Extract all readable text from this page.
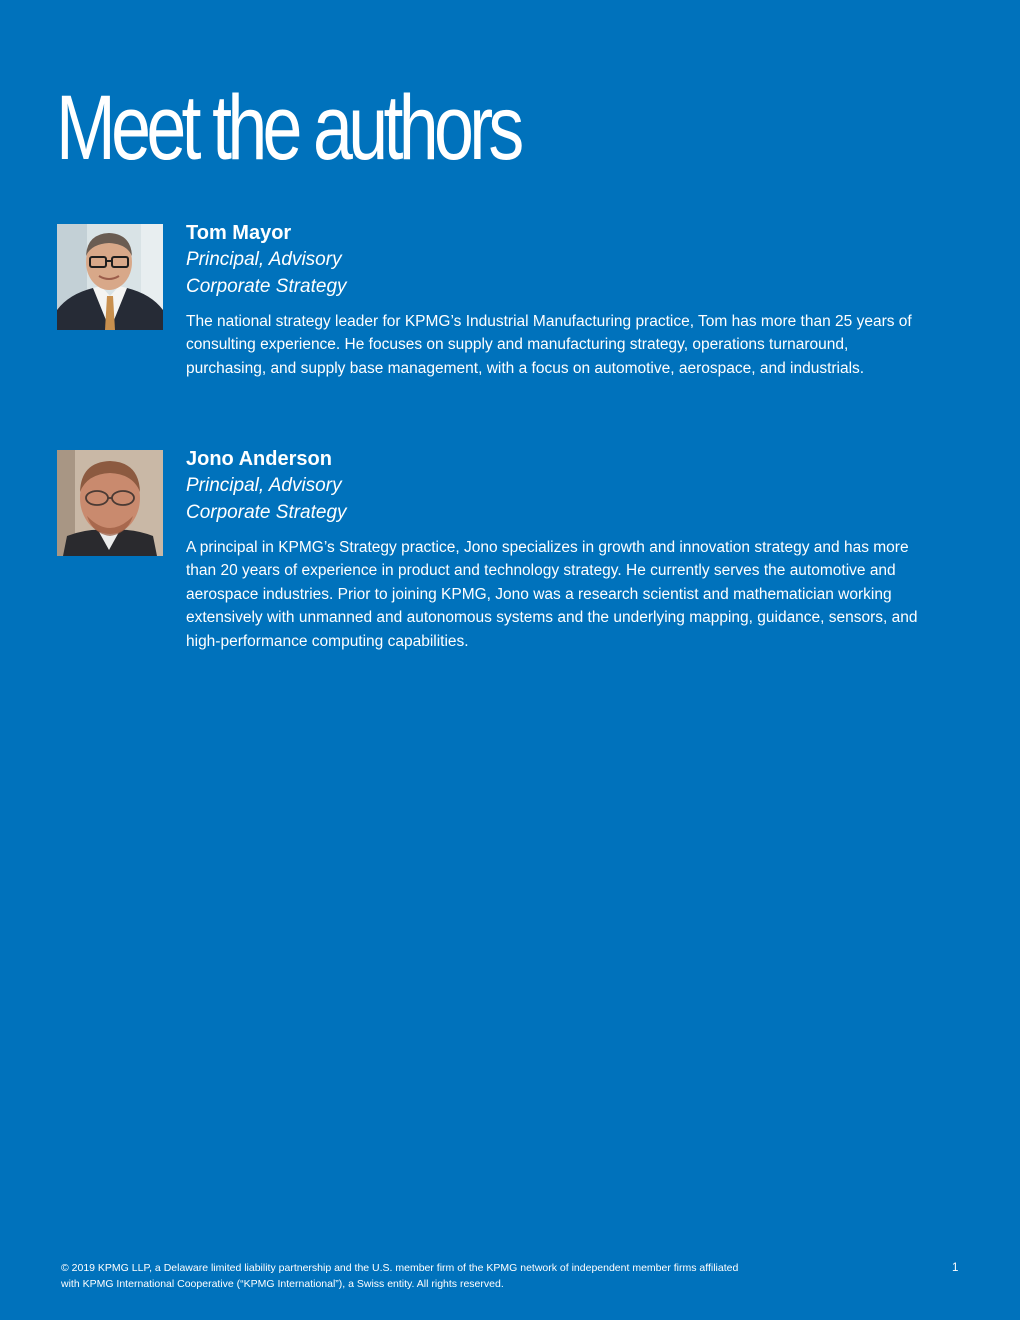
Meet the authors

Tom Mayor

Principal, Advisory

Corporate Strategy

The national strategy leader for KPMG’s Industrial Manufacturing practice, Tom has more than 25 years of consulting experience. He focuses on supply and manufacturing strategy, operations turnaround, purchasing, and supply base management, with a focus on automotive, aerospace, and industrials.

Jono Anderson

Principal, Advisory

Corporate Strategy

A principal in KPMG’s Strategy practice, Jono specializes in growth and innovation strategy and has more than 20 years of experience in product and technology strategy. He currently serves the automotive and aerospace industries. Prior to joining KPMG, Jono was a research scientist and mathematician working extensively with unmanned and autonomous systems and the underlying mapping, guidance, sensors, and high-performance computing capabilities.

© 2019 KPMG LLP, a Delaware limited liability partnership and the U.S. member firm of the KPMG network of independent member firms affiliated
with KPMG International Cooperative (“KPMG International”), a Swiss entity. All rights reserved.
1
